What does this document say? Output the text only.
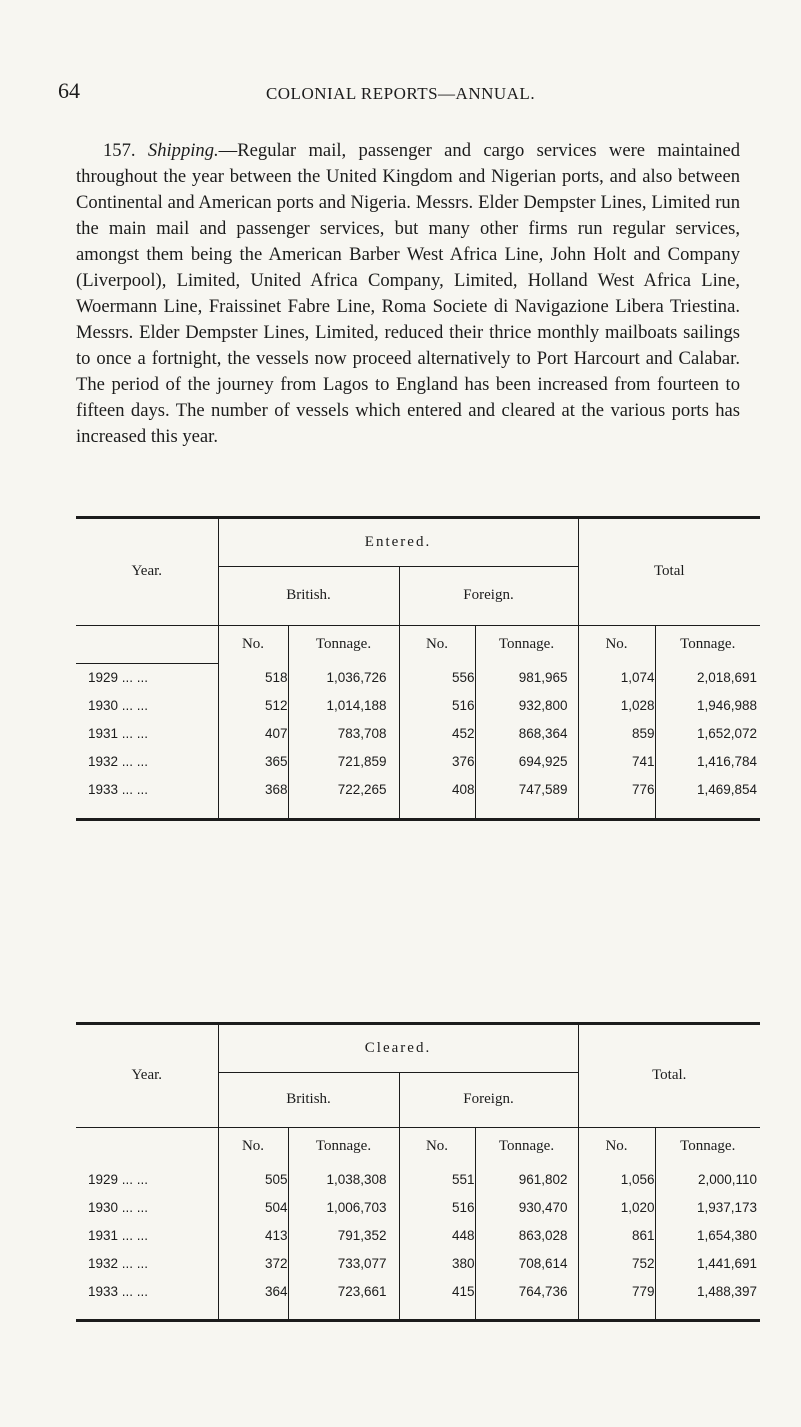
64	COLONIAL REPORTS—ANNUAL.

157. Shipping.—Regular mail, passenger and cargo services were maintained throughout the year between the United Kingdom and Nigerian ports, and also between Continental and American ports and Nigeria. Messrs. Elder Dempster Lines, Limited run the main mail and passenger services, but many other firms run regular services, amongst them being the American Barber West Africa Line, John Holt and Company (Liverpool), Limited, United Africa Company, Limited, Holland West Africa Line, Woermann Line, Fraissinet Fabre Line, Roma Societe di Navigazione Libera Triestina. Messrs. Elder Dempster Lines, Limited, reduced their thrice monthly mailboats sailings to once a fortnight, the vessels now proceed alternatively to Port Harcourt and Calabar. The period of the journey from Lagos to England has been increased from fourteen to fifteen days. The number of vessels which entered and cleared at the various ports has increased this year.

Year.	Entered.				Total	
	British.		Foreign.			

	No.	Tonnage.	No.	Tonnage.	No.	Tonnage.
1929 ... ...	518	1,036,726	556	981,965	1,074	2,018,691
1930 ... ...	512	1,014,188	516	932,800	1,028	1,946,988
1931 ... ...	407	783,708	452	868,364	859	1,652,072
1932 ... ...	365	721,859	376	694,925	741	1,416,784
1933 ... ...	368	722,265	408	747,589	776	1,469,854

Year.	Cleared.				Total.	
	British.		Foreign.			

	No.	Tonnage.	No.	Tonnage.	No.	Tonnage.
1929 ... ...	505	1,038,308	551	961,802	1,056	2,000,110
1930 ... ...	504	1,006,703	516	930,470	1,020	1,937,173
1931 ... ...	413	791,352	448	863,028	861	1,654,380
1932 ... ...	372	733,077	380	708,614	752	1,441,691
1933 ... ...	364	723,661	415	764,736	779	1,488,397
